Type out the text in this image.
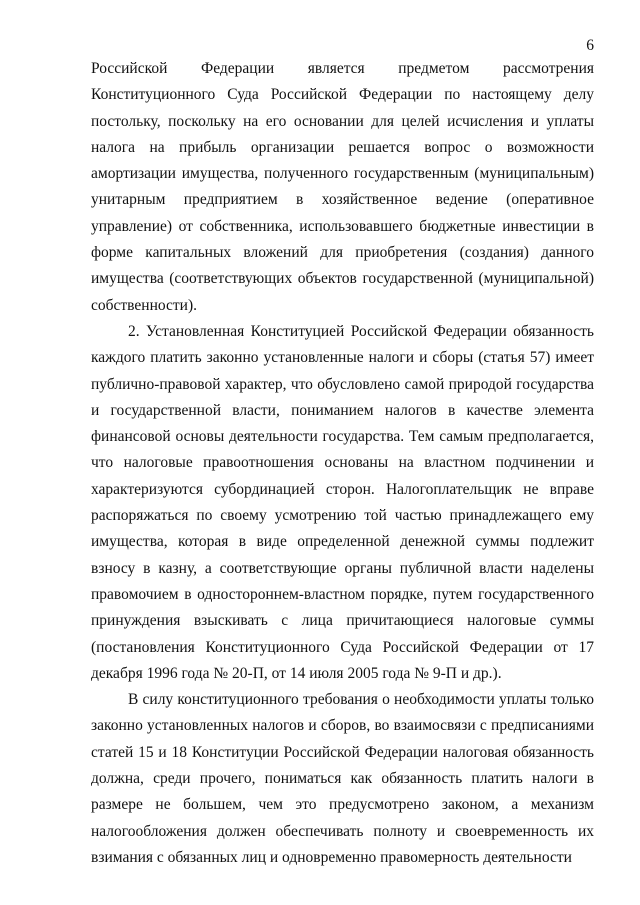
6

Российской Федерации является предметом рассмотрения Конституционного Суда Российской Федерации по настоящему делу постольку, поскольку на его основании для целей исчисления и уплаты налога на прибыль организации решается вопрос о возможности амортизации имущества, полученного государственным (муниципальным) унитарным предприятием в хозяйственное ведение (оперативное управление) от собственника, использовавшего бюджетные инвестиции в форме капитальных вложений для приобретения (создания) данного имущества (соответствующих объектов государственной (муниципальной) собственности).

2. Установленная Конституцией Российской Федерации обязанность каждого платить законно установленные налоги и сборы (статья 57) имеет публично-правовой характер, что обусловлено самой природой государства и государственной власти, пониманием налогов в качестве элемента финансовой основы деятельности государства. Тем самым предполагается, что налоговые правоотношения основаны на властном подчинении и характеризуются субординацией сторон. Налогоплательщик не вправе распоряжаться по своему усмотрению той частью принадлежащего ему имущества, которая в виде определенной денежной суммы подлежит взносу в казну, а соответствующие органы публичной власти наделены правомочием в одностороннем-властном порядке, путем государственного принуждения взыскивать с лица причитающиеся налоговые суммы (постановления Конституционного Суда Российской Федерации от 17 декабря 1996 года № 20-П, от 14 июля 2005 года № 9-П и др.).

В силу конституционного требования о необходимости уплаты только законно установленных налогов и сборов, во взаимосвязи с предписаниями статей 15 и 18 Конституции Российской Федерации налоговая обязанность должна, среди прочего, пониматься как обязанность платить налоги в размере не большем, чем это предусмотрено законом, а механизм налогообложения должен обеспечивать полноту и своевременность их взимания с обязанных лиц и одновременно правомерность деятельности
